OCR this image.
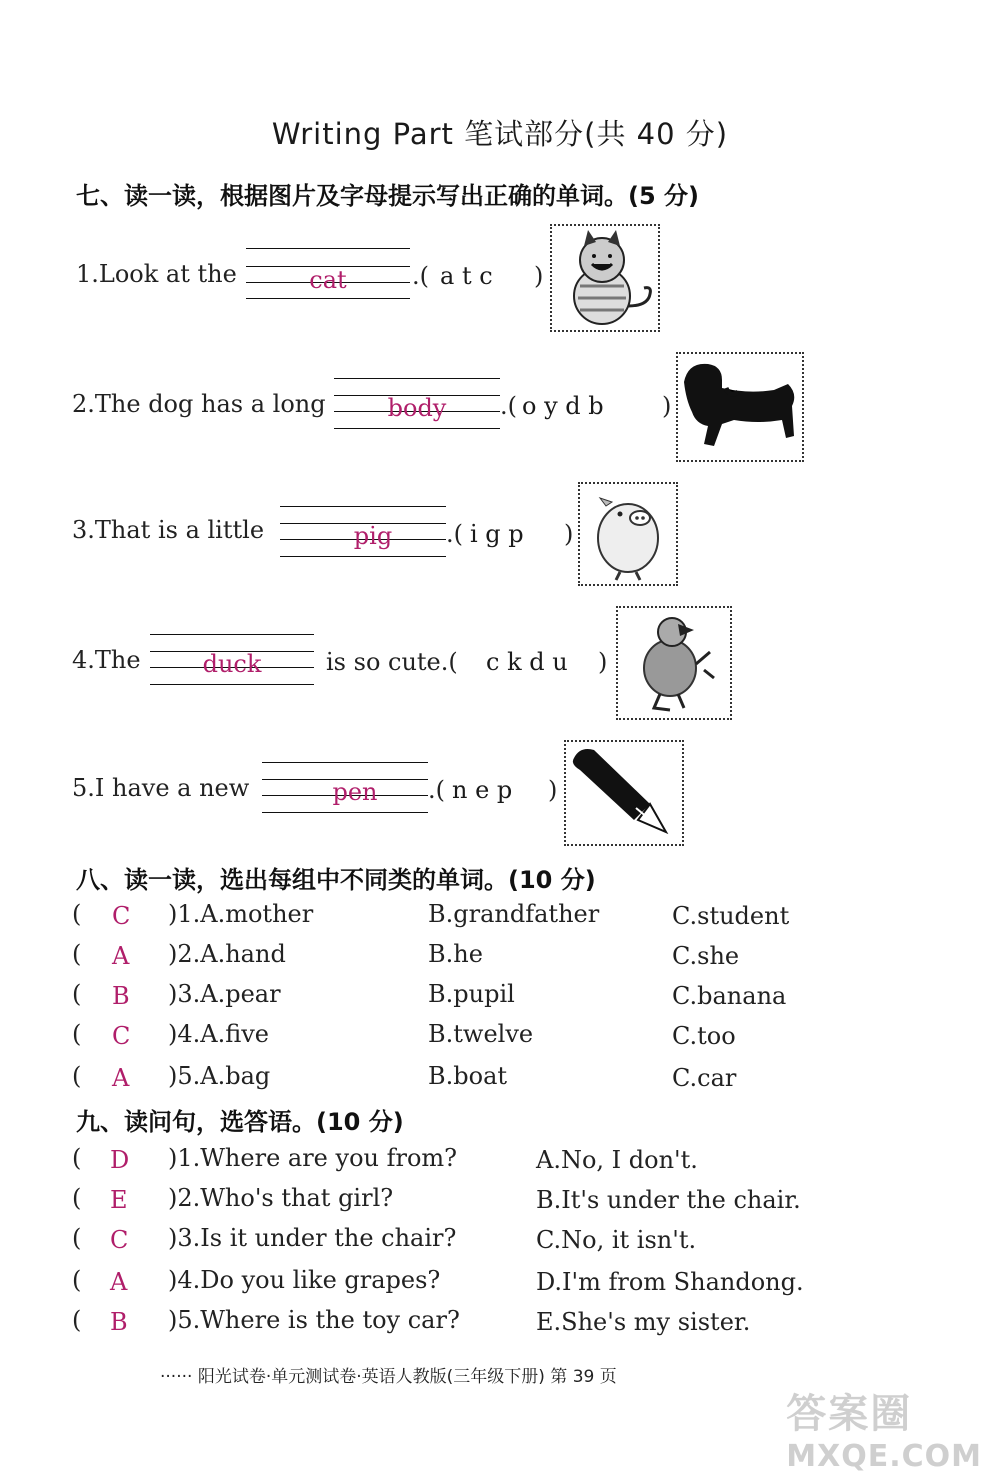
Writing Part 笔试部分(共 40 分)
七、读一读，根据图片及字母提示写出正确的单词。(5 分)
1.Look at the	cat	.( a t c )
2.The dog has a long	body	.( o y d b )
3.That is a little	pig	.( i g p )
4.The	duck	is so cute.( c k d u )
5.I have a new	pen	.( n e p )
八、读一读，选出每组中不同类的单词。(10 分)
( C )1.A.mother	B.grandfather	C.student
( A )2.A.hand	B.he	C.she
( B )3.A.pear	B.pupil	C.banana
( C )4.A.five	B.twelve	C.too
( A )5.A.bag	B.boat	C.car
九、读问句，选答语。(10 分)
( D )1.Where are you from?	A.No, I don't.
( E )2.Who's that girl?	B.It's under the chair.
( C )3.Is it under the chair?	C.No, it isn't.
( A )4.Do you like grapes?	D.I'm from Shandong.
( B )5.Where is the toy car?	E.She's my sister.
······ 阳光试卷·单元测试卷·英语人教版(三年级下册) 第 39 页
答案圈
MXQE.COM
